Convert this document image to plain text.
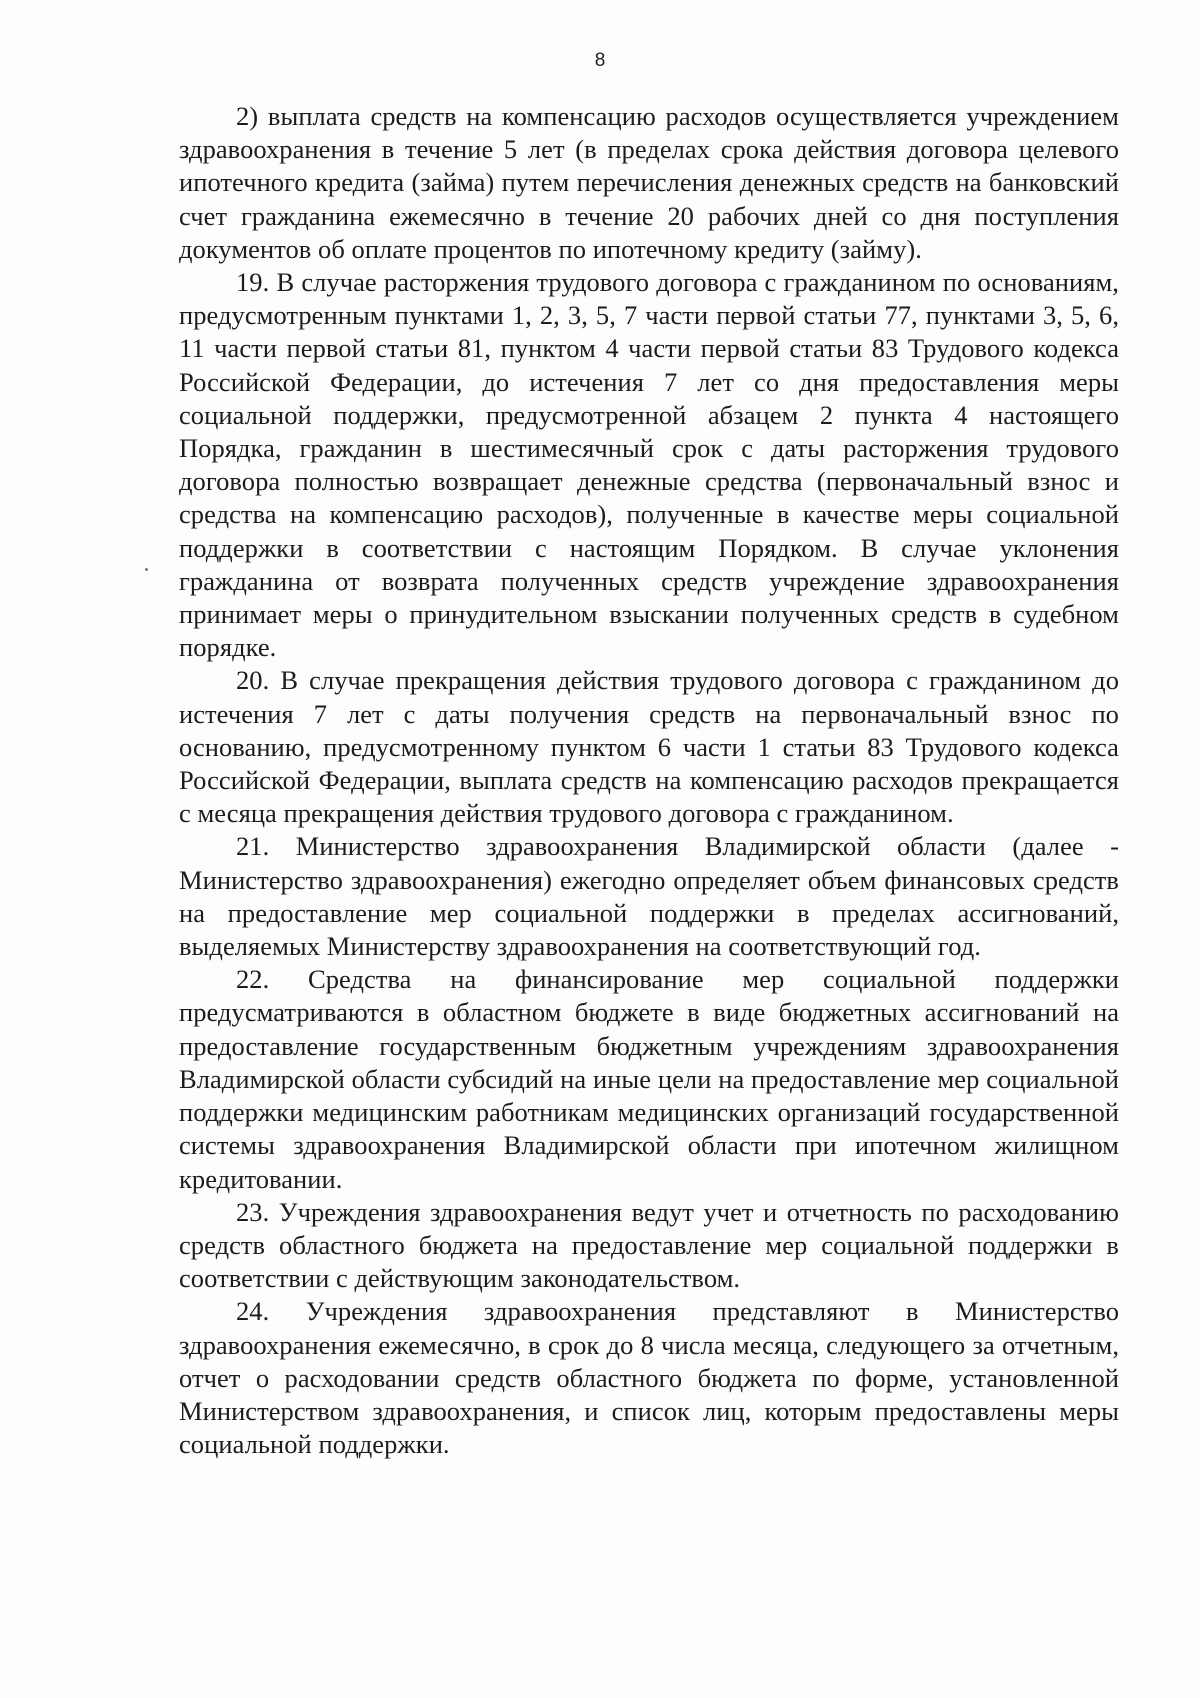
8

2) выплата средств на компенсацию расходов осуществляется учреждением здравоохранения в течение 5 лет (в пределах срока действия договора целевого ипотечного кредита (займа) путем перечисления денежных средств на банковский счет гражданина ежемесячно в течение 20 рабочих дней со дня поступления документов об оплате процентов по ипотечному кредиту (займу).

19. В случае расторжения трудового договора с гражданином по основаниям, предусмотренным пунктами 1, 2, 3, 5, 7 части первой статьи 77, пунктами 3, 5, 6, 11 части первой статьи 81, пунктом 4 части первой статьи 83 Трудового кодекса Российской Федерации, до истечения 7 лет со дня предоставления меры социальной поддержки, предусмотренной абзацем 2 пункта 4 настоящего Порядка, гражданин в шестимесячный срок с даты расторжения трудового договора полностью возвращает денежные средства (первоначальный взнос и средства на компенсацию расходов), полученные в качестве меры социальной поддержки в соответствии с настоящим Порядком. В случае уклонения гражданина от возврата полученных средств учреждение здравоохранения принимает меры о принудительном взыскании полученных средств в судебном порядке.

20. В случае прекращения действия трудового договора с гражданином до истечения 7 лет с даты получения средств на первоначальный взнос по основанию, предусмотренному пунктом 6 части 1 статьи 83 Трудового кодекса Российской Федерации, выплата средств на компенсацию расходов прекращается с месяца прекращения действия трудового договора с гражданином.

21. Министерство здравоохранения Владимирской области (далее - Министерство здравоохранения) ежегодно определяет объем финансовых средств на предоставление мер социальной поддержки в пределах ассигнований, выделяемых Министерству здравоохранения на соответствующий год.

22. Средства на финансирование мер социальной поддержки предусматриваются в областном бюджете в виде бюджетных ассигнований на предоставление государственным бюджетным учреждениям здравоохранения Владимирской области субсидий на иные цели на предоставление мер социальной поддержки медицинским работникам медицинских организаций государственной системы здравоохранения Владимирской области при ипотечном жилищном кредитовании.

23. Учреждения здравоохранения ведут учет и отчетность по расходованию средств областного бюджета на предоставление мер социальной поддержки в соответствии с действующим законодательством.

24. Учреждения здравоохранения представляют в Министерство здравоохранения ежемесячно, в срок до 8 числа месяца, следующего за отчетным, отчет о расходовании средств областного бюджета по форме, установленной Министерством здравоохранения, и список лиц, которым предоставлены меры социальной поддержки.
